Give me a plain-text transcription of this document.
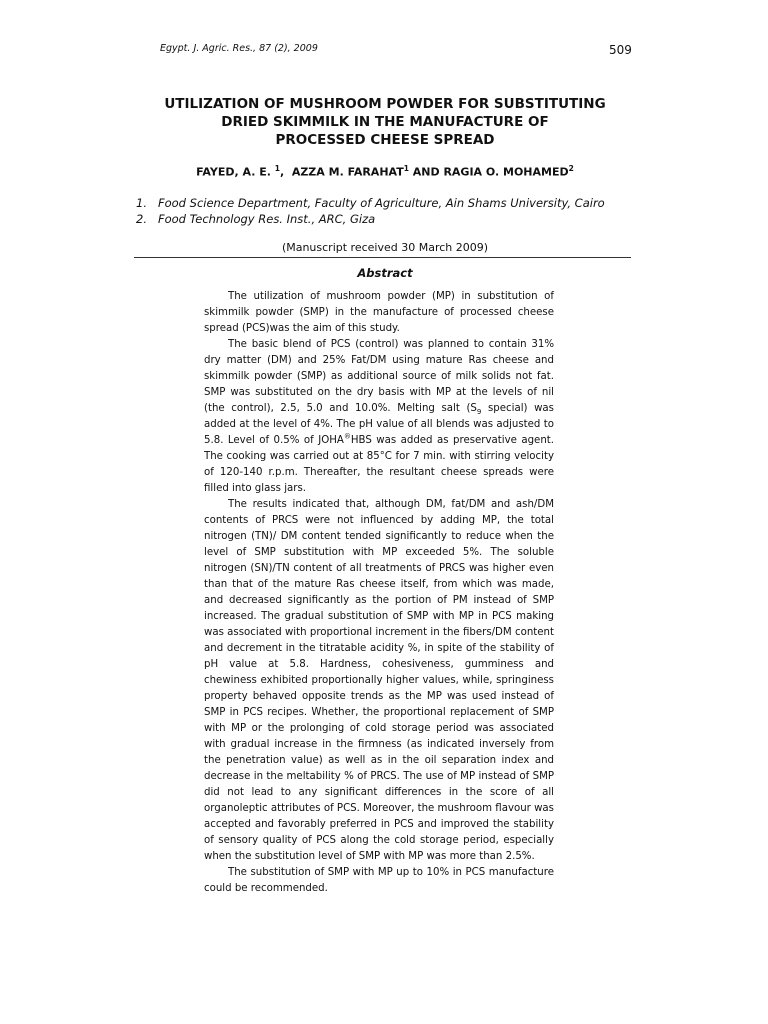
Egypt. J. Agric. Res., 87 (2), 2009	509
UTILIZATION OF MUSHROOM POWDER FOR SUBSTITUTING
DRIED SKIMMILK IN THE MANUFACTURE OF
PROCESSED CHEESE SPREAD
FAYED, A. E. $^1$,  AZZA M. FARAHAT$^1$ AND RAGIA O. MOHAMED$^2$
1. Food Science Department, Faculty of Agriculture, Ain Shams University, Cairo
2. Food Technology Res. Inst., ARC, Giza
(Manuscript received 30 March 2009)
Abstract

The utilization of mushroom powder (MP) in substitution of skimmilk powder (SMP) in the manufacture of processed cheese spread (PCS)was the aim of this study.

The basic blend of PCS (control) was planned to contain 31% dry matter (DM) and 25% Fat/DM using mature Ras cheese and skimmilk powder (SMP) as additional source of milk solids not fat. SMP was substituted on the dry basis with MP at the levels of nil (the control), 2.5, 5.0 and 10.0%. Melting salt ($S_9$ special) was added at the level of 4%. The pH value of all blends was adjusted to 5.8. Level of 0.5% of JOHA®HBS was added as preservative agent. The cooking was carried out at 85°C for 7 min. with stirring velocity of 120-140 r.p.m. Thereafter, the resultant cheese spreads were filled into glass jars.

The results indicated that, although DM, fat/DM and ash/DM contents of PRCS were not influenced by adding MP, the total nitrogen (TN)/ DM content tended significantly to reduce when the level of SMP substitution with MP exceeded 5%. The soluble nitrogen (SN)/TN content of all treatments of PRCS was higher even than that of the mature Ras cheese itself, from which was made, and decreased significantly as the portion of PM instead of SMP increased. The gradual substitution of SMP with MP in PCS making was associated with proportional increment in the fibers/DM content and decrement in the titratable acidity %, in spite of the stability of pH value at 5.8. Hardness, cohesiveness, gumminess and chewiness exhibited proportionally higher values, while, springiness property behaved opposite trends as the MP was used instead of SMP in PCS recipes. Whether, the proportional replacement of SMP with MP or the prolonging of cold storage period was associated with gradual increase in the firmness (as indicated inversely from the penetration value) as well as in the oil separation index and decrease in the meltability % of PRCS. The use of MP instead of SMP did not lead to any significant differences in the score of all organoleptic attributes of PCS. Moreover, the mushroom flavour was accepted and favorably preferred in PCS and improved the stability of sensory quality of PCS along the cold storage period, especially when the substitution level of SMP with MP was more than 2.5%.

The substitution of SMP with MP up to 10% in PCS manufacture could be recommended.
